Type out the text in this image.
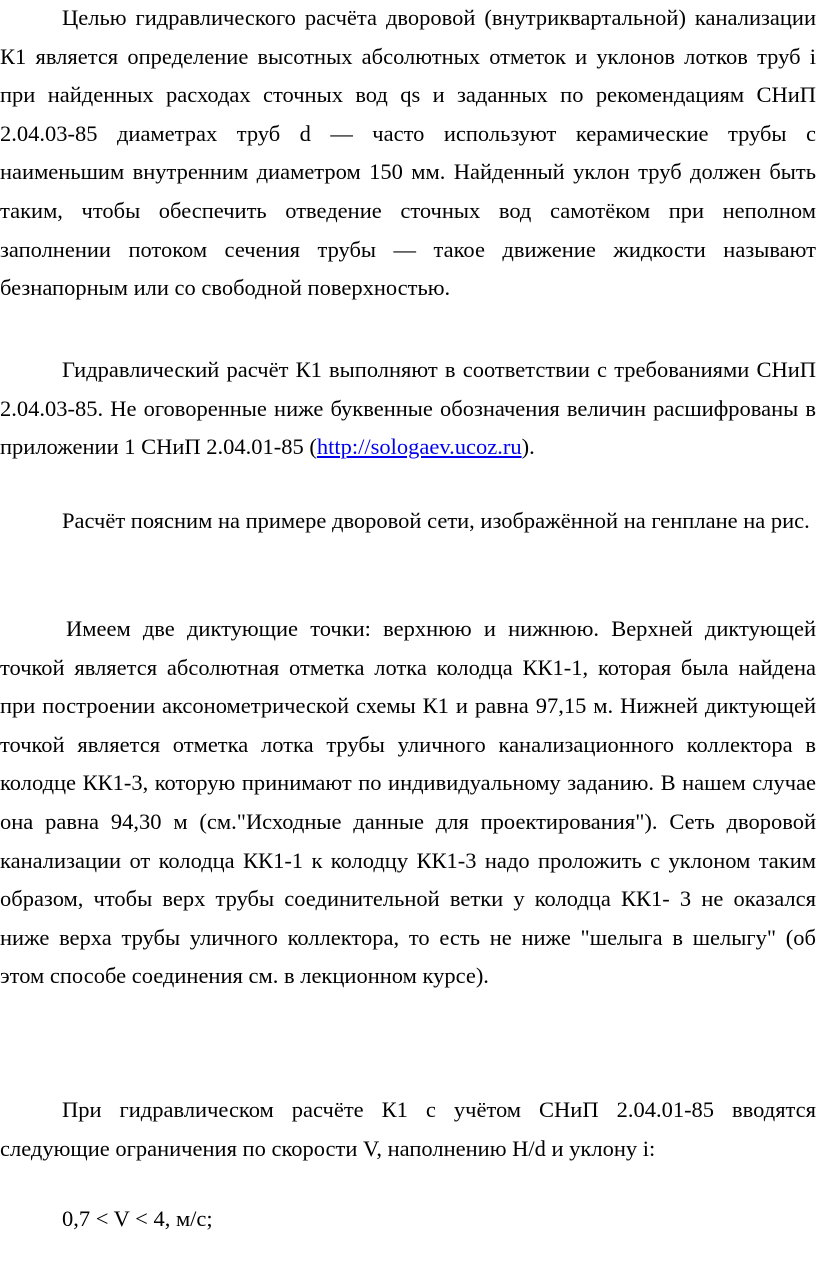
Целью гидравлического расчёта дворовой (внутриквартальной) канализации К1 является определение высотных абсолютных отметок и уклонов лотков труб i при найденных расходах сточных вод qs и заданных по рекомендациям СНиП 2.04.03-85 диаметрах труб d — часто используют керамические трубы с наименьшим внутренним диаметром 150 мм. Найденный уклон труб должен быть таким, чтобы обеспечить отведение сточных вод самотёком при неполном заполнении потоком сечения трубы — такое движение жидкости называют безнапорным или со свободной поверхностью.

Гидравлический расчёт К1 выполняют в соответствии с требованиями СНиП 2.04.03-85. Не оговоренные ниже буквенные обозначения величин расшифрованы в приложении 1 СНиП 2.04.01-85 (http://sologaev.ucoz.ru).

Расчёт поясним на примере дворовой сети, изображённой на генплане на рис.

Имеем две диктующие точки: верхнюю и нижнюю. Верхней диктующей точкой является абсолютная отметка лотка колодца КК1-1, которая была найдена при построении аксонометрической схемы К1 и равна 97,15 м. Нижней диктующей точкой является отметка лотка трубы уличного канализационного коллектора в колодце КК1-3, которую принимают по индивидуальному заданию. В нашем случае она равна 94,30 м (см."Исходные данные для проектирования"). Сеть дворовой канализации от колодца КК1-1 к колодцу КК1-3 надо проложить с уклоном таким образом, чтобы верх трубы соединительной ветки у колодца КК1- 3 не оказался ниже верха трубы уличного коллектора, то есть не ниже "шелыга в шелыгу" (об этом способе соединения см. в лекционном курсе).

При гидравлическом расчёте К1 с учётом СНиП 2.04.01-85 вводятся следующие ограничения по скорости V, наполнению H/d и уклону i:

0,7 < V < 4, м/с;
